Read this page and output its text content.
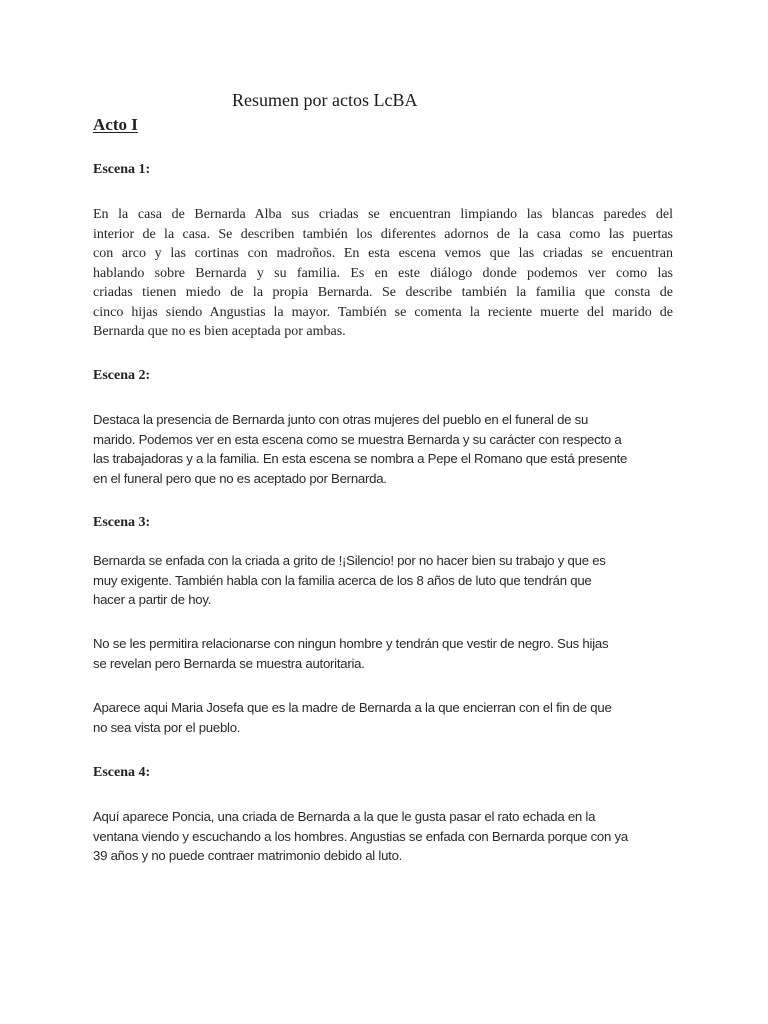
Resumen por actos LcBA
Acto I
Escena 1:
En la casa de Bernarda Alba sus criadas se encuentran limpiando las blancas paredes del
interior de la casa. Se describen también los diferentes adornos de la casa como las puertas
con arco y las cortinas con madroños. En esta escena vemos que las criadas se encuentran
hablando sobre Bernarda y su familia. Es en este diálogo donde podemos ver como las
criadas tienen miedo de la propia Bernarda. Se describe también la familia que consta de
cinco hijas siendo Angustias la mayor. También se comenta la reciente muerte del marido de
Bernarda que no es bien aceptada por ambas.
Escena 2:
Destaca la presencia de Bernarda junto con otras mujeres del pueblo en el funeral de su
marido. Podemos ver en esta escena como se muestra Bernarda y su carácter con respecto a
las trabajadoras y a la familia. En esta escena se nombra a Pepe el Romano que está presente
en el funeral pero que no es aceptado por Bernarda.
Escena 3:
Bernarda se enfada con la criada a grito de !¡Silencio! por no hacer bien su trabajo y que es
muy exigente. También habla con la familia acerca de los 8 años de luto que tendrán que
hacer a partir de hoy.
No se les permitira relacionarse con ningun hombre y tendrán que vestir de negro. Sus hijas
se revelan pero Bernarda se muestra autoritaria.
Aparece aqui Maria Josefa que es la madre de Bernarda a la que encierran con el fin de que
no sea vista por el pueblo.
Escena 4:
Aquí aparece Poncia, una criada de Bernarda a la que le gusta pasar el rato echada en la
ventana viendo y escuchando a los hombres. Angustias se enfada con Bernarda porque con ya
39 años y no puede contraer matrimonio debido al luto.
